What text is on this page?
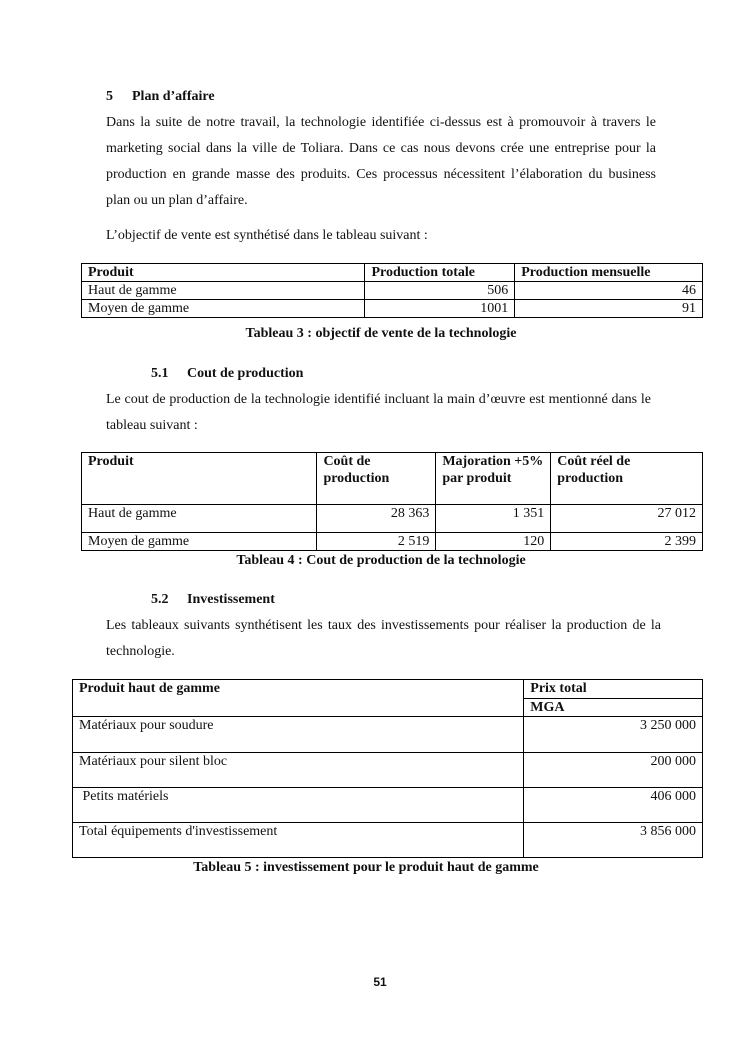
5 Plan d’affaire
Dans la suite de notre travail, la technologie identifiée ci-dessus est à promouvoir à travers le marketing social dans la ville de Toliara. Dans ce cas nous devons crée une entreprise pour la production en grande masse des produits. Ces processus nécessitent l’élaboration du business plan ou un plan d’affaire.
L’objectif de vente est synthétisé dans le tableau suivant :
Produit	Production totale	Production mensuelle
Haut de gamme	506	46
Moyen de gamme	1001	91
Tableau 3 : objectif de vente de la technologie
5.1 Cout de production
Le cout de production de la technologie identifié incluant la main d’œuvre est mentionné dans le tableau suivant :
Produit	Coût de production	Majoration +5% par produit	Coût réel de production
Haut de gamme	28 363	1 351	27 012
Moyen de gamme	2 519	120	2 399
Tableau 4 : Cout de production de la technologie
5.2 Investissement
Les tableaux suivants synthétisent les taux des investissements pour réaliser la production de la technologie.
Produit haut de gamme	Prix total
	MGA
Matériaux pour soudure	3 250 000
Matériaux pour silent bloc	200 000
Petits matériels	406 000
Total équipements d'investissement	3 856 000
Tableau 5 : investissement pour le produit haut de gamme
51
